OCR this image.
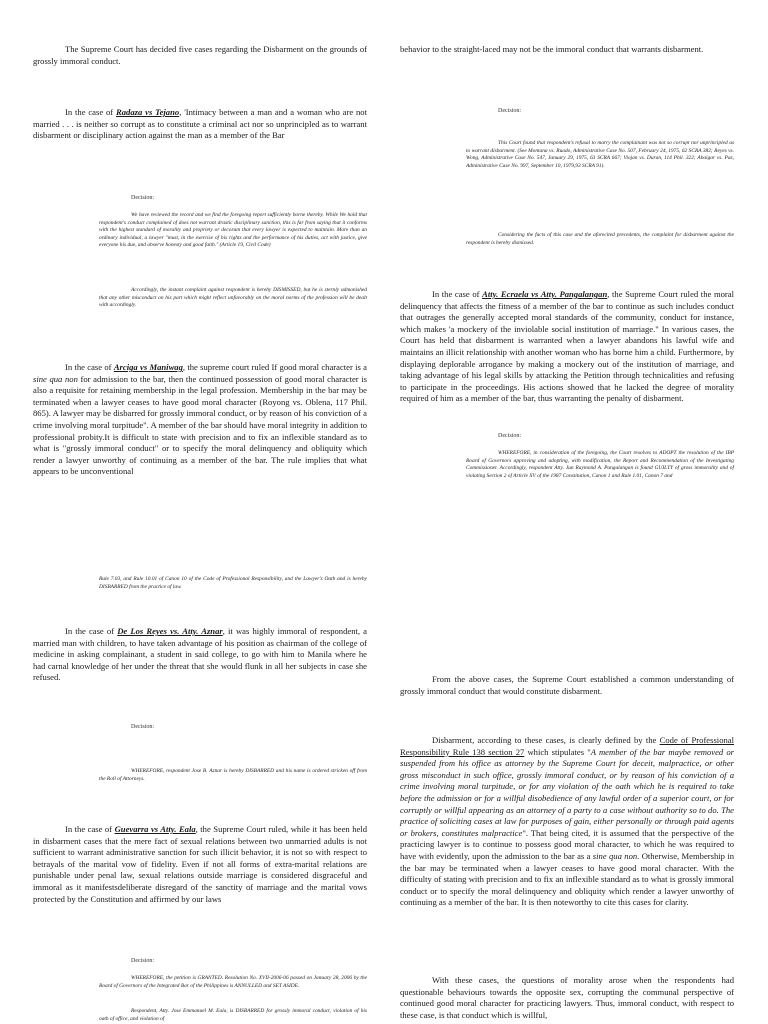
The Supreme Court has decided five cases regarding the Disbarment on the grounds of grossly immoral conduct.

In the case of Radaza vs Tejano, 'Intimacy between a man and a woman who are not married . . . is neither so corrupt as to constitute a criminal act nor so unprincipled as to warrant disbarment or disciplinary action against the man as a member of the Bar

Decision:

We have reviewed the record and we find the foregoing report sufficiently borne thereby. While We hold that respondent's conduct complained of does not warrant drastic disciplinary sanction, this is far from saying that it conforms with the highest standard of morality and propriety or decorum that every lawyer is expected to maintain. More than an ordinary individual, a lawyer "must, in the exercise of his rights and the performance of his duties, act with justice, give everyone his due, and observe honesty and good faith." (Article 19, Civil Code)

Accordingly, the instant complaint against respondent is hereby DISMISSED, but he is sternly admonished that any other misconduct on his part which might reflect unfavorably on the moral norms of the profession will be dealt with accordingly.

In the case of Arciga vs Maniwag, the supreme court ruled If good moral character is a sine qua non for admission to the bar, then the continued possession of good moral character is also a requisite for retaining membership in the legal profession. Membership in the bar may be terminated when a lawyer ceases to have good moral character (Royong vs. Oblena, 117 Phil. 865). A lawyer may be disbarred for grossly immoral conduct, or by reason of his conviction of a crime involving moral turpitude". A member of the bar should have moral integrity in addition to professional probity.It is difficult to state with precision and to fix an inflexible standard as to what is "grossly immoral conduct" or to specify the moral delinquency and obliquity which render a lawyer unworthy of continuing as a member of the bar. The rule implies that what appears to be unconventional

Rule 7.03, and Rule 10.01 of Canon 10 of the Code of Professional Responsibility, and the Lawyer's Oath and is hereby DISBARRED from the practice of law.

In the case of De Los Reyes vs. Atty. Aznar, it was highly immoral of respondent, a married man with children, to have taken advantage of his position as chairman of the college of medicine in asking complainant, a student in said college, to go with him to Manila where he had carnal knowledge of her under the threat that she would flunk in all her subjects in case she refused.

Decision:

WHEREFORE, respondent Jose B. Aznar is hereby DISBARRED and his name is ordered stricken off from the Roll of Attorneys.

In the case of Guevarra vs Atty. Eala, the Supreme Court ruled, while it has been held in disbarment cases that the mere fact of sexual relations between two unmarried adults is not sufficient to warrant administrative sanction for such illicit behavior, it is not so with respect to betrayals of the marital vow of fidelity. Even if not all forms of extra-marital relations are punishable under penal law, sexual relations outside marriage is considered disgraceful and immoral as it manifestsdeliberate disregard of the sanctity of marriage and the marital vows protected by the Constitution and affirmed by our laws

Decision:

WHEREFORE, the petition is GRANTED. Resolution No. XVII-2006-06 passed on January 28, 2006 by the Board of Governors of the Integrated Bar of the Philippines is ANNULLED and SET ASIDE.

Respondent, Atty. Jose Emmanuel M. Eala, is DISBARRED for grossly immoral conduct, violation of his oath of office, and violation of

behavior to the straight-laced may not be the immoral conduct that warrants disbarment.

Decision:

This Court found that respondent's refusal to marry the complainant was not so corrupt nor unprincipled as to warrant disbarment. (See Montana vs. Ruado, Administrative Case No. 507, February 24, 1975, 62 SCRA 382; Reyes vs. Wong, Administrative Case No. 547, January 29, 1975, 63 SCRA 667; Viojan vs. Duran, 114 Phil. 322; Abaigar vs. Paz, Administrative Case No. 997, September 10, 1979,93 SCRA 91).

Considering the facts of this case and the aforecited precedents, the complaint for disbarment against the respondent is hereby dismissed.

In the case of Atty. Ecraela vs Atty. Pangalangan, the Supreme Court ruled the moral delinquency that affects the fitness of a member of the bar to continue as such includes conduct that outrages the generally accepted moral standards of the community, conduct for instance, which makes 'a mockery of the inviolable social institution of marriage." In various cases, the Court has held that disbarment is warranted when a lawyer abandons his lawful wife and maintains an illicit relationship with another woman who has borne him a child. Furthermore, by displaying deplorable arrogance by making a mockery out of the institution of marriage, and taking advantage of his legal skills by attacking the Petition through technicalities and refusing to participate in the proceedings. His actions showed that he lacked the degree of morality required of him as a member of the bar, thus warranting the penalty of disbarment.

Decision:

WHEREFORE, in consideration of the foregoing, the Court resolves to ADOPT the resolution of the IBP Board of Governors approving and adopting, with modification, the Report and Recommendation of the Investigating Commissioner. Accordingly, respondent Atty. Jun Raymond A. Pangalangan is found GUILTY of gross immorality and of violating Section 2 of Article XV of the 1987 Constitution, Canon 1 and Rule 1.01, Canon 7 and

From the above cases, the Supreme Court established a common understanding of grossly immoral conduct that would constitute disbarment.

Disbarment, according to these cases, is clearly defined by the Code of Professional Responsibility Rule 138 section 27 which stipulates "A member of the bar maybe removed or suspended from his office as attorney by the Supreme Court for deceit, malpractice, or other gross misconduct in such office, grossly immoral conduct, or by reason of his conviction of a crime involving moral turpitude, or for any violation of the oath which he is required to take before the admission or for a willful disobedience of any lawful order of a superior court, or for corruptly or willful appearing as an attorney of a party to a case without authority so to do. The practice of soliciting cases at law for purposes of gain, either personally or through paid agents or brokers, constitutes malpractice". That being cited, it is assumed that the perspective of the practicing lawyer is to continue to possess good moral character, to which he was required to have with evidently, upon the admission to the bar as a sine qua non. Otherwise, Membership in the bar may be terminated when a lawyer ceases to have good moral character. With the difficulty of stating with precision and to fix an inflexible standard as to what is grossly immoral conduct or to specify the moral delinquency and obliquity which render a lawyer unworthy of continuing as a member of the bar. It is then noteworthy to cite this cases for clarity.

With these cases, the questions of morality arose when the respondents had questionable behaviours towards the opposite sex, corrupting the communal perspective of continued good moral character for practicing lawyers. Thus, immoral conduct, with respect to these case, is that conduct which is willful,
